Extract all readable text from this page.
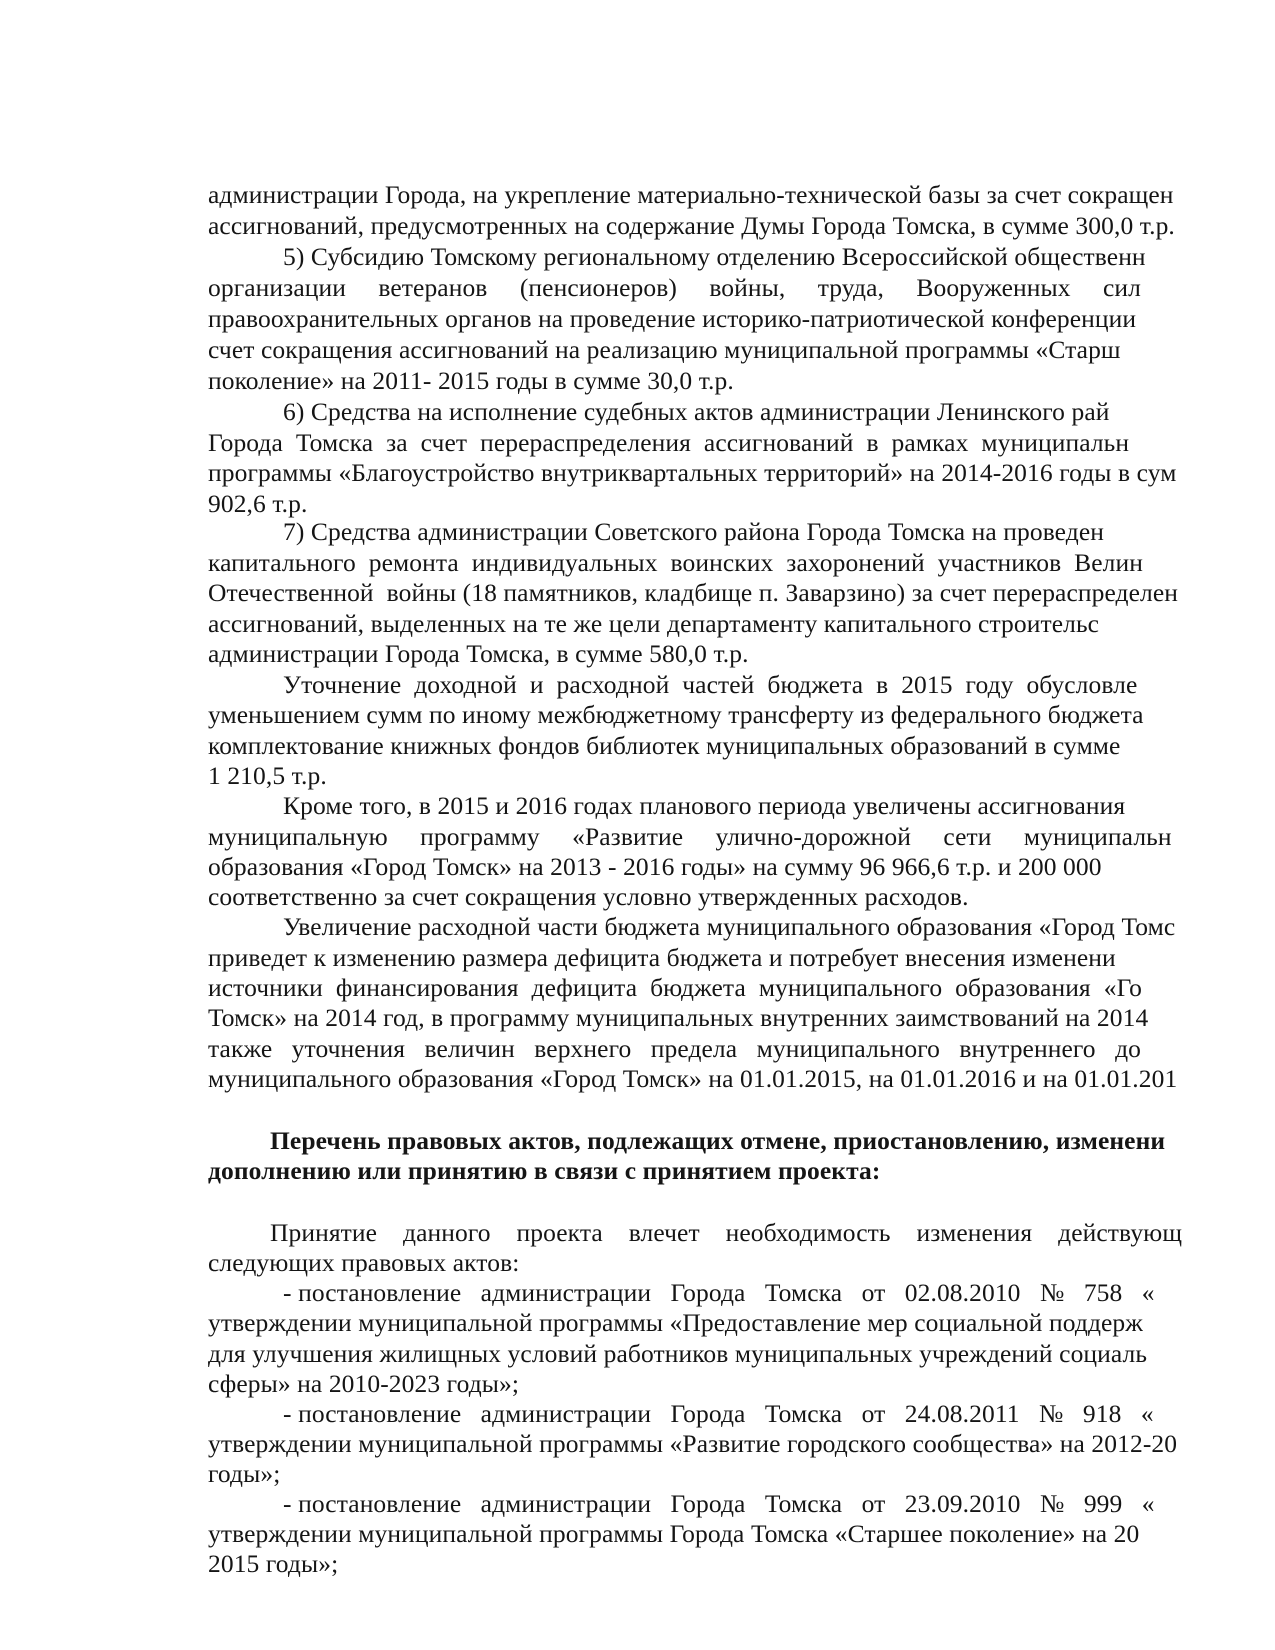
администрации Города, на укрепление материально-технической базы за счет сокращен
ассигнований, предусмотренных на содержание Думы Города Томска, в сумме 300,0 т.р.
5) Субсидию Томскому региональному отделению Всероссийской общественн
организации     ветеранов     (пенсионеров)     войны,     труда,     Вооруженных     сил
правоохранительных органов на проведение историко-патриотической конференции
счет сокращения ассигнований на реализацию муниципальной программы «Старш
поколение» на 2011- 2015 годы в сумме 30,0 т.р.
6) Средства на исполнение судебных актов администрации Ленинского рай
Города  Томска  за  счет  перераспределения  ассигнований  в  рамках  муниципальн
программы «Благоустройство внутриквартальных территорий» на 2014-2016 годы в сум
902,6 т.р.
7) Средства администрации Советского района Города Томска на проведен
капитального  ремонта  индивидуальных  воинских  захоронений  участников  Велин
Отечественной  войны (18 памятников, кладбище п. Заварзино) за счет перераспределен
ассигнований, выделенных на те же цели департаменту капитального строительс
администрации Города Томска, в сумме 580,0 т.р.
Уточнение  доходной  и  расходной  частей  бюджета  в  2015  году  обусловле
уменьшением сумм по иному межбюджетному трансферту из федерального бюджета
комплектование книжных фондов библиотек муниципальных образований в сумме
1 210,5 т.р.
Кроме того, в 2015 и 2016 годах планового периода увеличены ассигнования
муниципальную     программу     «Развитие     улично-дорожной     сети     муниципальн
образования «Город Томск» на 2013 - 2016 годы» на сумму 96 966,6 т.р. и 200 000
соответственно за счет сокращения условно утвержденных расходов.
Увеличение расходной части бюджета муниципального образования «Город Томс
приведет к изменению размера дефицита бюджета и потребует внесения изменени
источники  финансирования  дефицита  бюджета  муниципального  образования  «Го
Томск» на 2014 год, в программу муниципальных внутренних заимствований на 2014
также   уточнения   величин   верхнего   предела   муниципального   внутреннего   до
муниципального образования «Город Томск» на 01.01.2015, на 01.01.2016 и на 01.01.201
Перечень правовых актов, подлежащих отмене, приостановлению, изменени
дополнению или принятию в связи с принятием проекта:
Принятие    данного    проекта    влечет    необходимость    изменения    действующ
следующих правовых актов:
- постановление   администрации   Города   Томска   от   02.08.2010   №   758   «
утверждении муниципальной программы «Предоставление мер социальной поддерж
для улучшения жилищных условий работников муниципальных учреждений социаль
сферы» на 2010-2023 годы»;
- постановление   администрации   Города   Томска   от   24.08.2011   №   918   «
утверждении муниципальной программы «Развитие городского сообщества» на 2012-20
годы»;
- постановление   администрации   Города   Томска   от   23.09.2010   №   999   «
утверждении муниципальной программы Города Томска «Старшее поколение» на 20
2015 годы»;
